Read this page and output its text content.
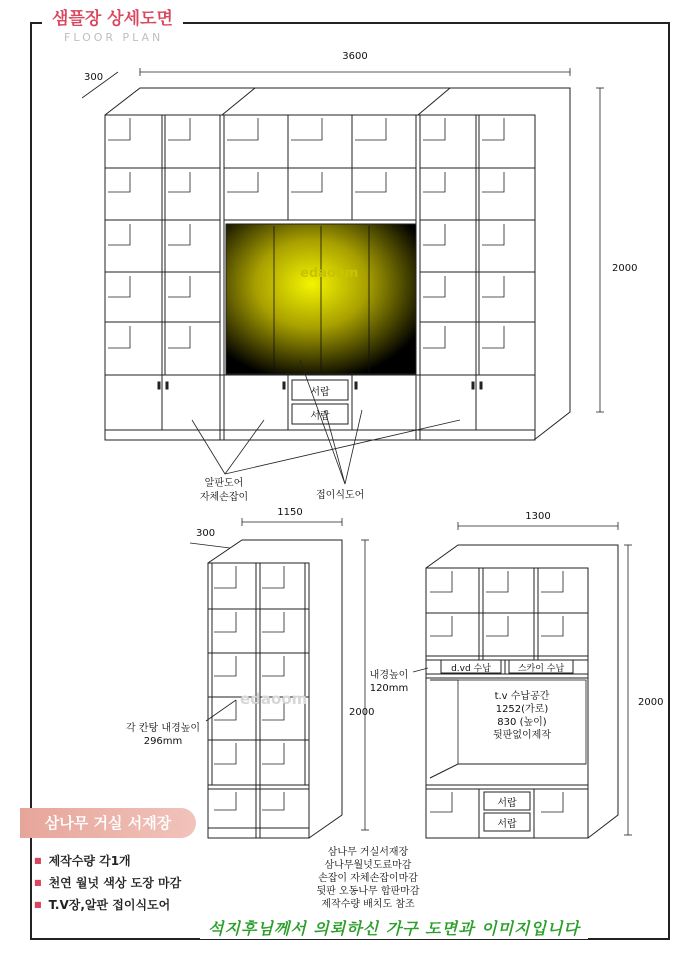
샘플장 상세도면
FLOOR PLAN
edaoom
edaoom
3600
300
2000
서랍
서랍
알판도어
자체손잡이	접이식도어
1150
300
2000
각 칸탕 내경높이
296mm
1300
2000
내경높이
120mm
d.vd 수납	스카이 수납
t.v 수납공간
1252(가로)
830 (높이)
뒷판없이제작
서랍
서랍
삼나무 거실서재장
삼나무월넛도료마감
손잡이 자체손잡이마감
뒷판 오동나무 합판마감
제작수량 배치도 참조
삼나무 거실 서재장
■ 제작수량 각1개
■ 천연 월넛 색상 도장 마감
■ T.V장,알판 접이식도어
석지후님께서 의뢰하신 가구 도면과 이미지입니다
